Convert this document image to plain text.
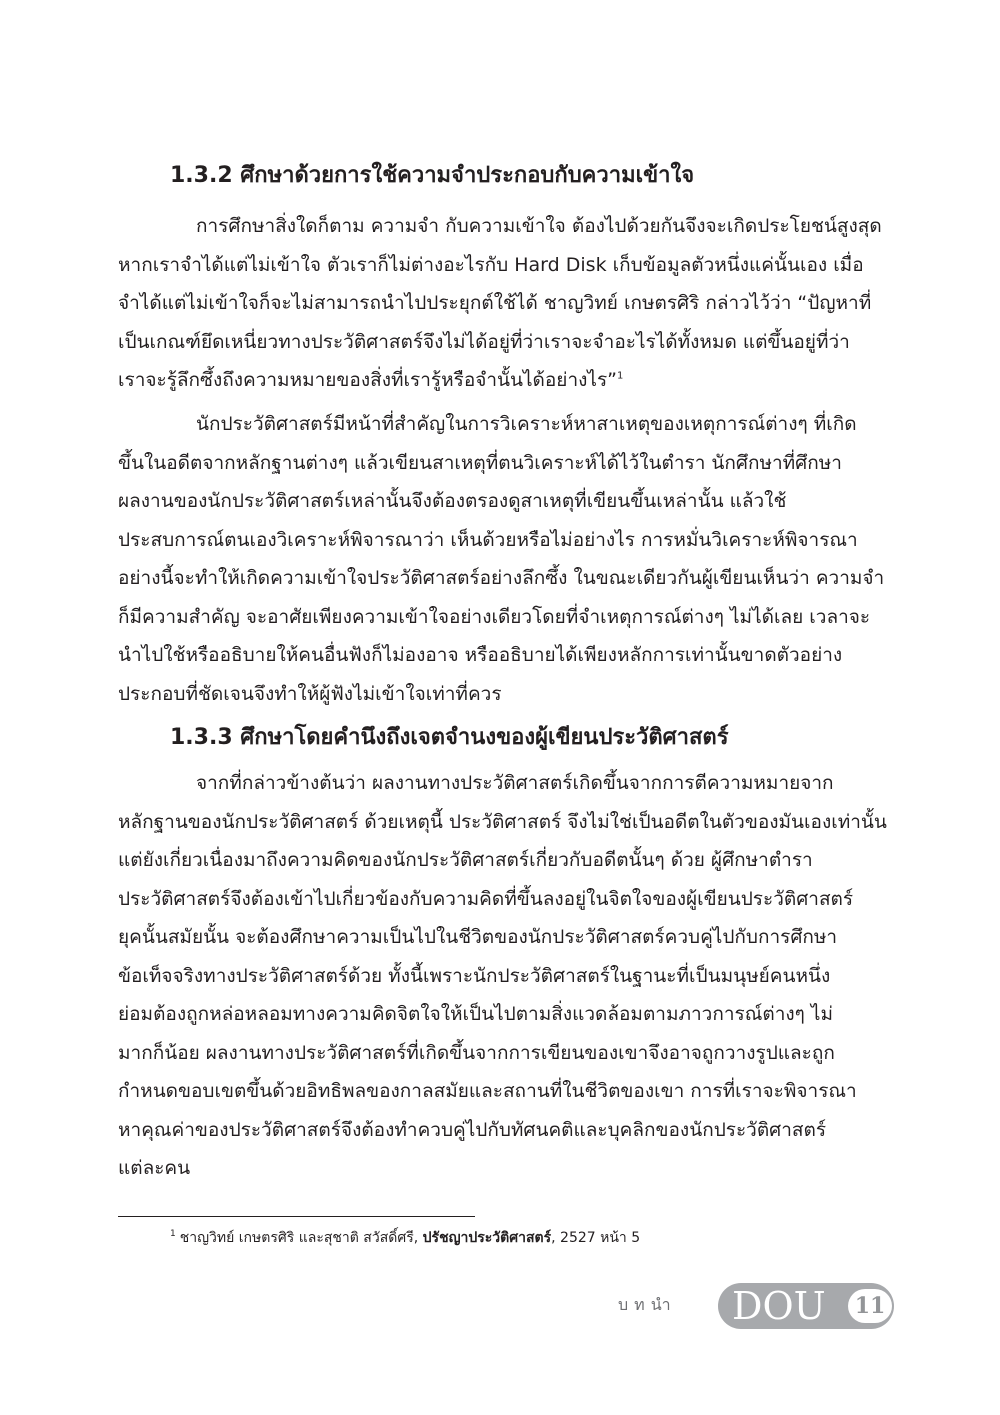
1.3.2 ศึกษาด้วยการใช้ความจำประกอบกับความเข้าใจ

การศึกษาสิ่งใดก็ตาม ความจำ กับความเข้าใจ ต้องไปด้วยกันจึงจะเกิดประโยชน์สูงสุด
หากเราจำได้แต่ไม่เข้าใจ ตัวเราก็ไม่ต่างอะไรกับ Hard Disk เก็บข้อมูลตัวหนึ่งแค่นั้นเอง เมื่อ
จำได้แต่ไม่เข้าใจก็จะไม่สามารถนำไปประยุกต์ใช้ได้ ชาญวิทย์ เกษตรศิริ กล่าวไว้ว่า “ปัญหาที่
เป็นเกณฑ์ยึดเหนี่ยวทางประวัติศาสตร์จึงไม่ได้อยู่ที่ว่าเราจะจำอะไรได้ทั้งหมด แต่ขึ้นอยู่ที่ว่า
เราจะรู้ลึกซึ้งถึงความหมายของสิ่งที่เรารู้หรือจำนั้นได้อย่างไร”$^1$

นักประวัติศาสตร์มีหน้าที่สำคัญในการวิเคราะห์หาสาเหตุของเหตุการณ์ต่างๆ ที่เกิด
ขึ้นในอดีตจากหลักฐานต่างๆ แล้วเขียนสาเหตุที่ตนวิเคราะห์ได้ไว้ในตำรา นักศึกษาที่ศึกษา
ผลงานของนักประวัติศาสตร์เหล่านั้นจึงต้องตรองดูสาเหตุที่เขียนขึ้นเหล่านั้น แล้วใช้
ประสบการณ์ตนเองวิเคราะห์พิจารณาว่า เห็นด้วยหรือไม่อย่างไร การหมั่นวิเคราะห์พิจารณา
อย่างนี้จะทำให้เกิดความเข้าใจประวัติศาสตร์อย่างลึกซึ้ง ในขณะเดียวกันผู้เขียนเห็นว่า ความจำ
ก็มีความสำคัญ จะอาศัยเพียงความเข้าใจอย่างเดียวโดยที่จำเหตุการณ์ต่างๆ ไม่ได้เลย เวลาจะ
นำไปใช้หรืออธิบายให้คนอื่นฟังก็ไม่องอาจ หรืออธิบายได้เพียงหลักการเท่านั้นขาดตัวอย่าง
ประกอบที่ชัดเจนจึงทำให้ผู้ฟังไม่เข้าใจเท่าที่ควร

1.3.3 ศึกษาโดยคำนึงถึงเจตจำนงของผู้เขียนประวัติศาสตร์

จากที่กล่าวข้างต้นว่า ผลงานทางประวัติศาสตร์เกิดขึ้นจากการตีความหมายจาก
หลักฐานของนักประวัติศาสตร์ ด้วยเหตุนี้ ประวัติศาสตร์ จึงไม่ใช่เป็นอดีตในตัวของมันเองเท่านั้น
แต่ยังเกี่ยวเนื่องมาถึงความคิดของนักประวัติศาสตร์เกี่ยวกับอดีตนั้นๆ ด้วย ผู้ศึกษาตำรา
ประวัติศาสตร์จึงต้องเข้าไปเกี่ยวข้องกับความคิดที่ขึ้นลงอยู่ในจิตใจของผู้เขียนประวัติศาสตร์
ยุคนั้นสมัยนั้น จะต้องศึกษาความเป็นไปในชีวิตของนักประวัติศาสตร์ควบคู่ไปกับการศึกษา
ข้อเท็จจริงทางประวัติศาสตร์ด้วย ทั้งนี้เพราะนักประวัติศาสตร์ในฐานะที่เป็นมนุษย์คนหนึ่ง
ย่อมต้องถูกหล่อหลอมทางความคิดจิตใจให้เป็นไปตามสิ่งแวดล้อมตามภาวการณ์ต่างๆ ไม่
มากก็น้อย ผลงานทางประวัติศาสตร์ที่เกิดขึ้นจากการเขียนของเขาจึงอาจถูกวางรูปและถูก
กำหนดขอบเขตขึ้นด้วยอิทธิพลของกาลสมัยและสถานที่ในชีวิตของเขา การที่เราจะพิจารณา
หาคุณค่าของประวัติศาสตร์จึงต้องทำควบคู่ไปกับทัศนคติและบุคลิกของนักประวัติศาสตร์
แต่ละคน

$^1$ ชาญวิทย์ เกษตรศิริ และสุชาติ สวัสดิ์ศรี, ปรัชญาประวัติศาสตร์, 2527 หน้า 5

บทนำ DOU	11
